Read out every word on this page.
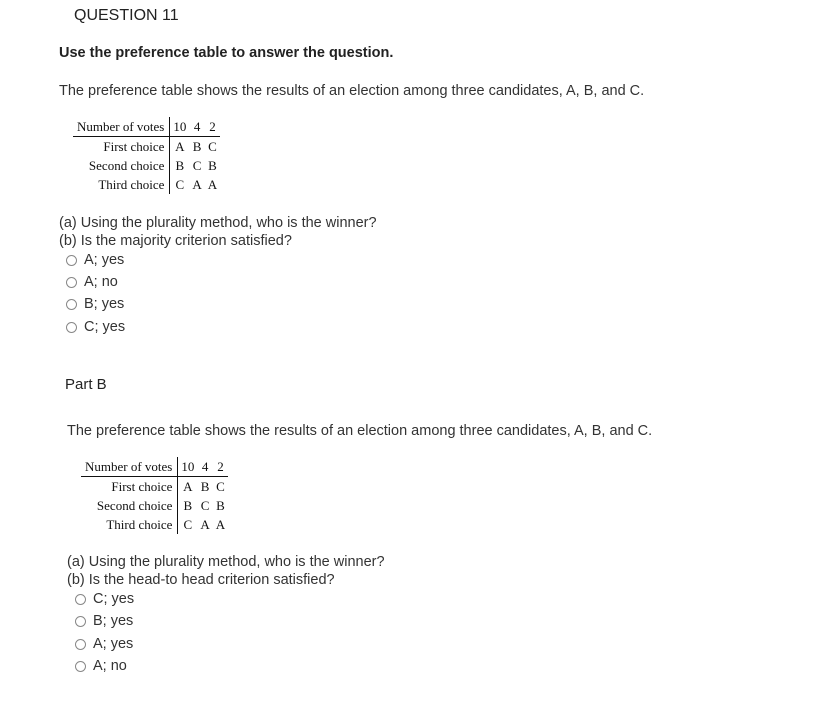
QUESTION 11
Use the preference table to answer the question.
The preference table shows the results of an election among three candidates, A, B, and C.
Number of votes	10	4	2
First choice	A	B	C
Second choice	B	C	B
Third choice	C	A	A
(a) Using the plurality method, who is the winner?
(b) Is the majority criterion satisfied?
A; yes
A; no
B; yes
C; yes
Part B
The preference table shows the results of an election among three candidates, A, B, and C.
Number of votes	10	4	2
First choice	A	B	C
Second choice	B	C	B
Third choice	C	A	A
(a) Using the plurality method, who is the winner?
(b) Is the head-to head criterion satisfied?
C; yes
B; yes
A; yes
A; no
